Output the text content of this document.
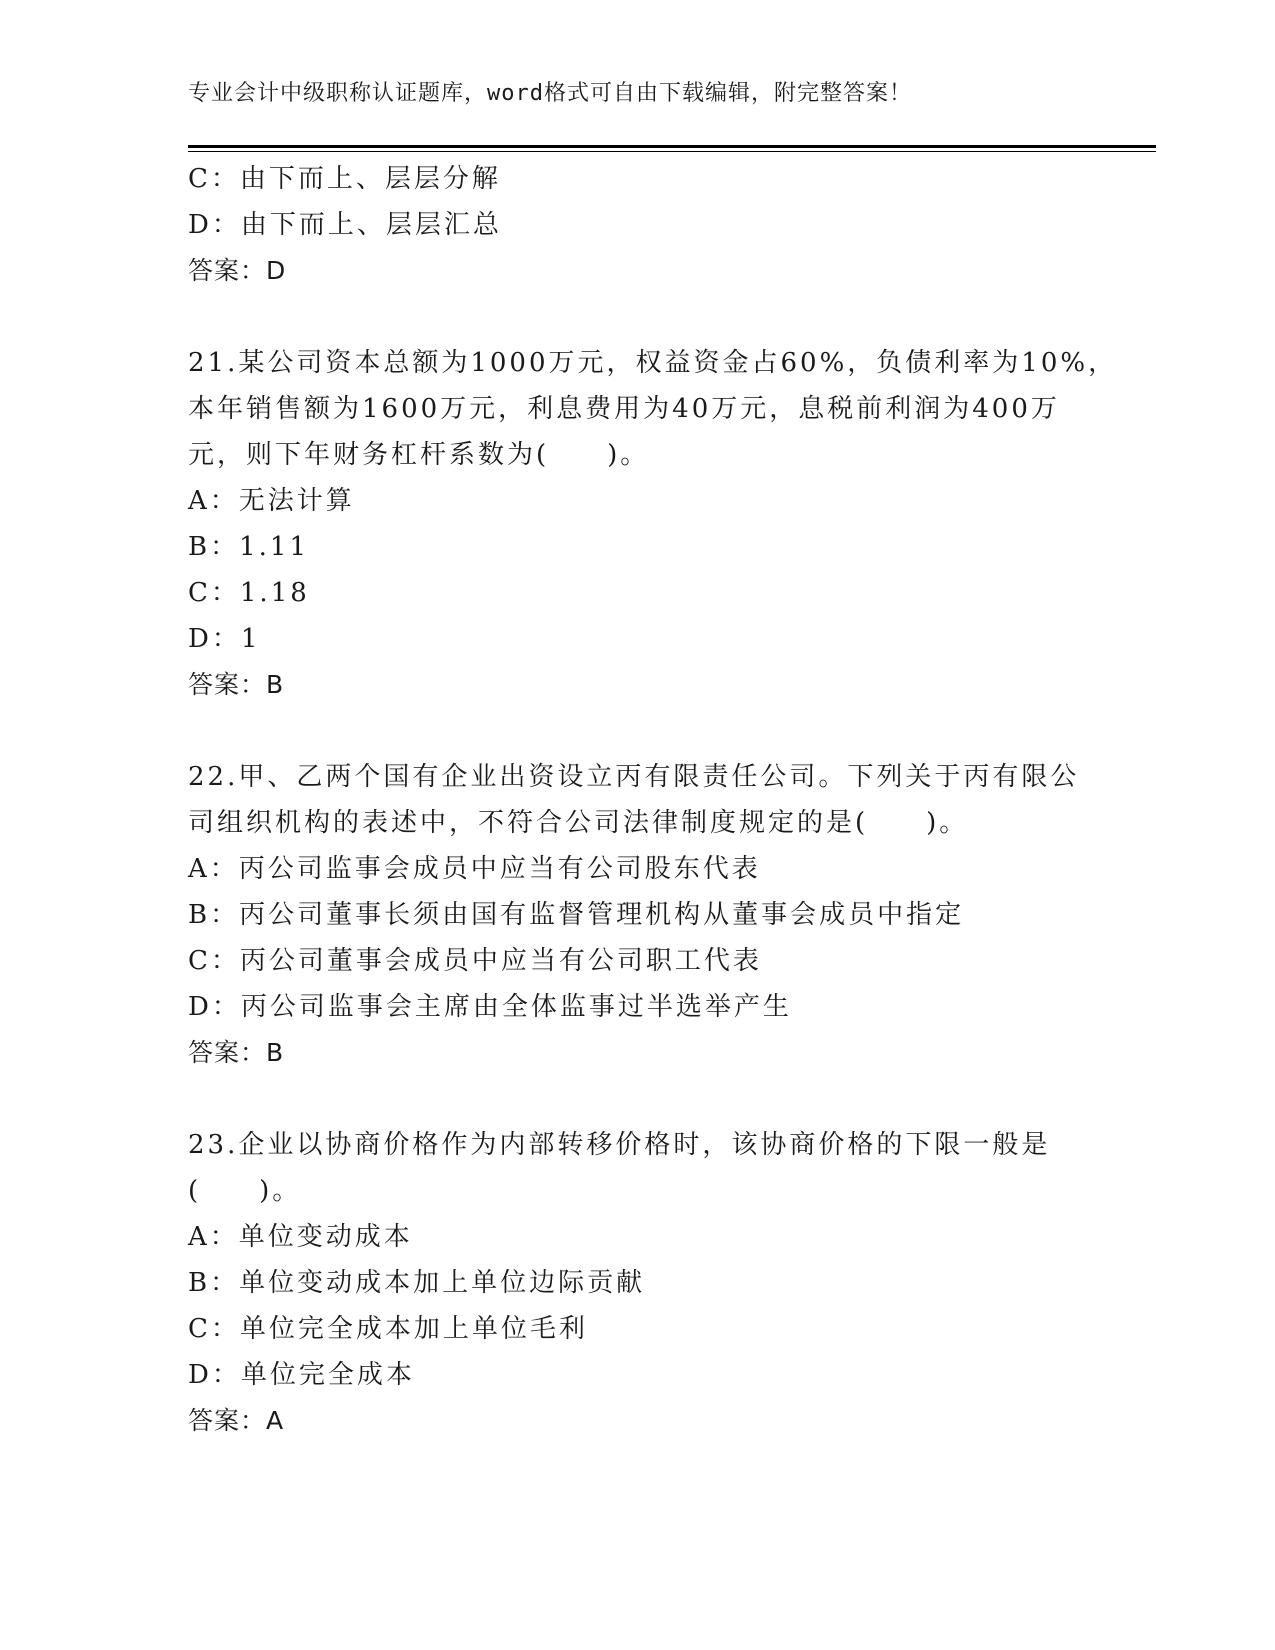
专业会计中级职称认证题库，word格式可自由下载编辑，附完整答案！
C：由下而上、层层分解
D：由下而上、层层汇总
答案：D
21.某公司资本总额为1000万元，权益资金占60%，负债利率为10%，
本年销售额为1600万元，利息费用为40万元，息税前利润为400万
元，则下年财务杠杆系数为(　　)。
A：无法计算
B：1.11
C：1.18
D：1
答案：B
22.甲、乙两个国有企业出资设立丙有限责任公司。下列关于丙有限公
司组织机构的表述中，不符合公司法律制度规定的是(　　)。
A：丙公司监事会成员中应当有公司股东代表
B：丙公司董事长须由国有监督管理机构从董事会成员中指定
C：丙公司董事会成员中应当有公司职工代表
D：丙公司监事会主席由全体监事过半选举产生
答案：B
23.企业以协商价格作为内部转移价格时，该协商价格的下限一般是
(　　)。
A：单位变动成本
B：单位变动成本加上单位边际贡献
C：单位完全成本加上单位毛利
D：单位完全成本
答案：A
